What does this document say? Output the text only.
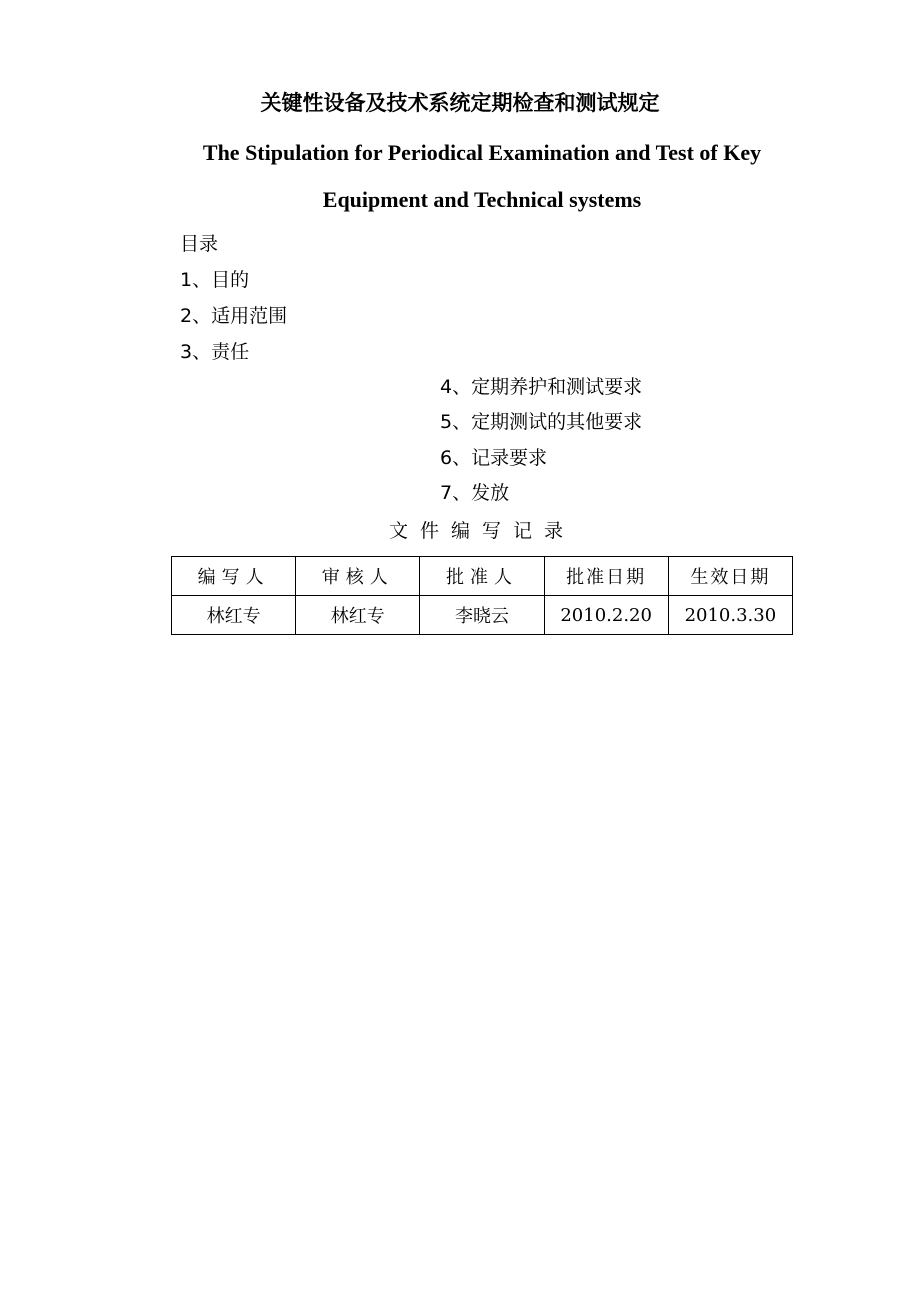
关键性设备及技术系统定期检查和测试规定
The Stipulation for Periodical Examination and Test of Key
Equipment and Technical systems
目录
1、目的
2、适用范围
3、责任
4、定期养护和测试要求
5、定期测试的其他要求
6、记录要求
7、发放
文件编写记录
编写人	审核人	批准人	批准日期	生效日期
林红专	林红专	李晓云	2010.2.20	2010.3.30
